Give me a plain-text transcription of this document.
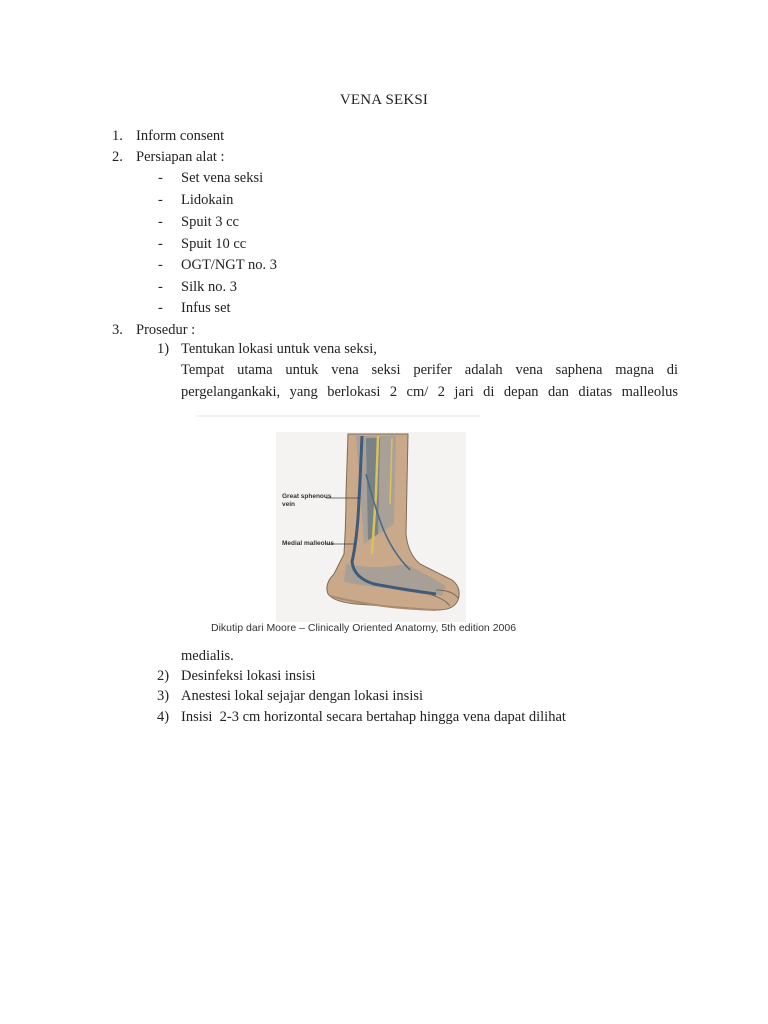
VENA SEKSI
1. Inform consent
2. Persiapan alat :
- Set vena seksi
- Lidokain
- Spuit 3 cc
- Spuit 10 cc
- OGT/NGT no. 3
- Silk no. 3
- Infus set
3. Prosedur :
1) Tentukan lokasi untuk vena seksi,
Tempat utama untuk vena seksi perifer adalah vena saphena magna di
pergelangankaki, yang berlokasi 2 cm/ 2 jari di depan dan diatas malleolus
Great sphenous
vein
Medial malleolus
Dikutip dari Moore – Clinically Oriented Anatomy, 5th edition 2006
medialis.
2) Desinfeksi lokasi insisi
3) Anestesi lokal sejajar dengan lokasi insisi
4) Insisi  2-3 cm horizontal secara bertahap hingga vena dapat dilihat
